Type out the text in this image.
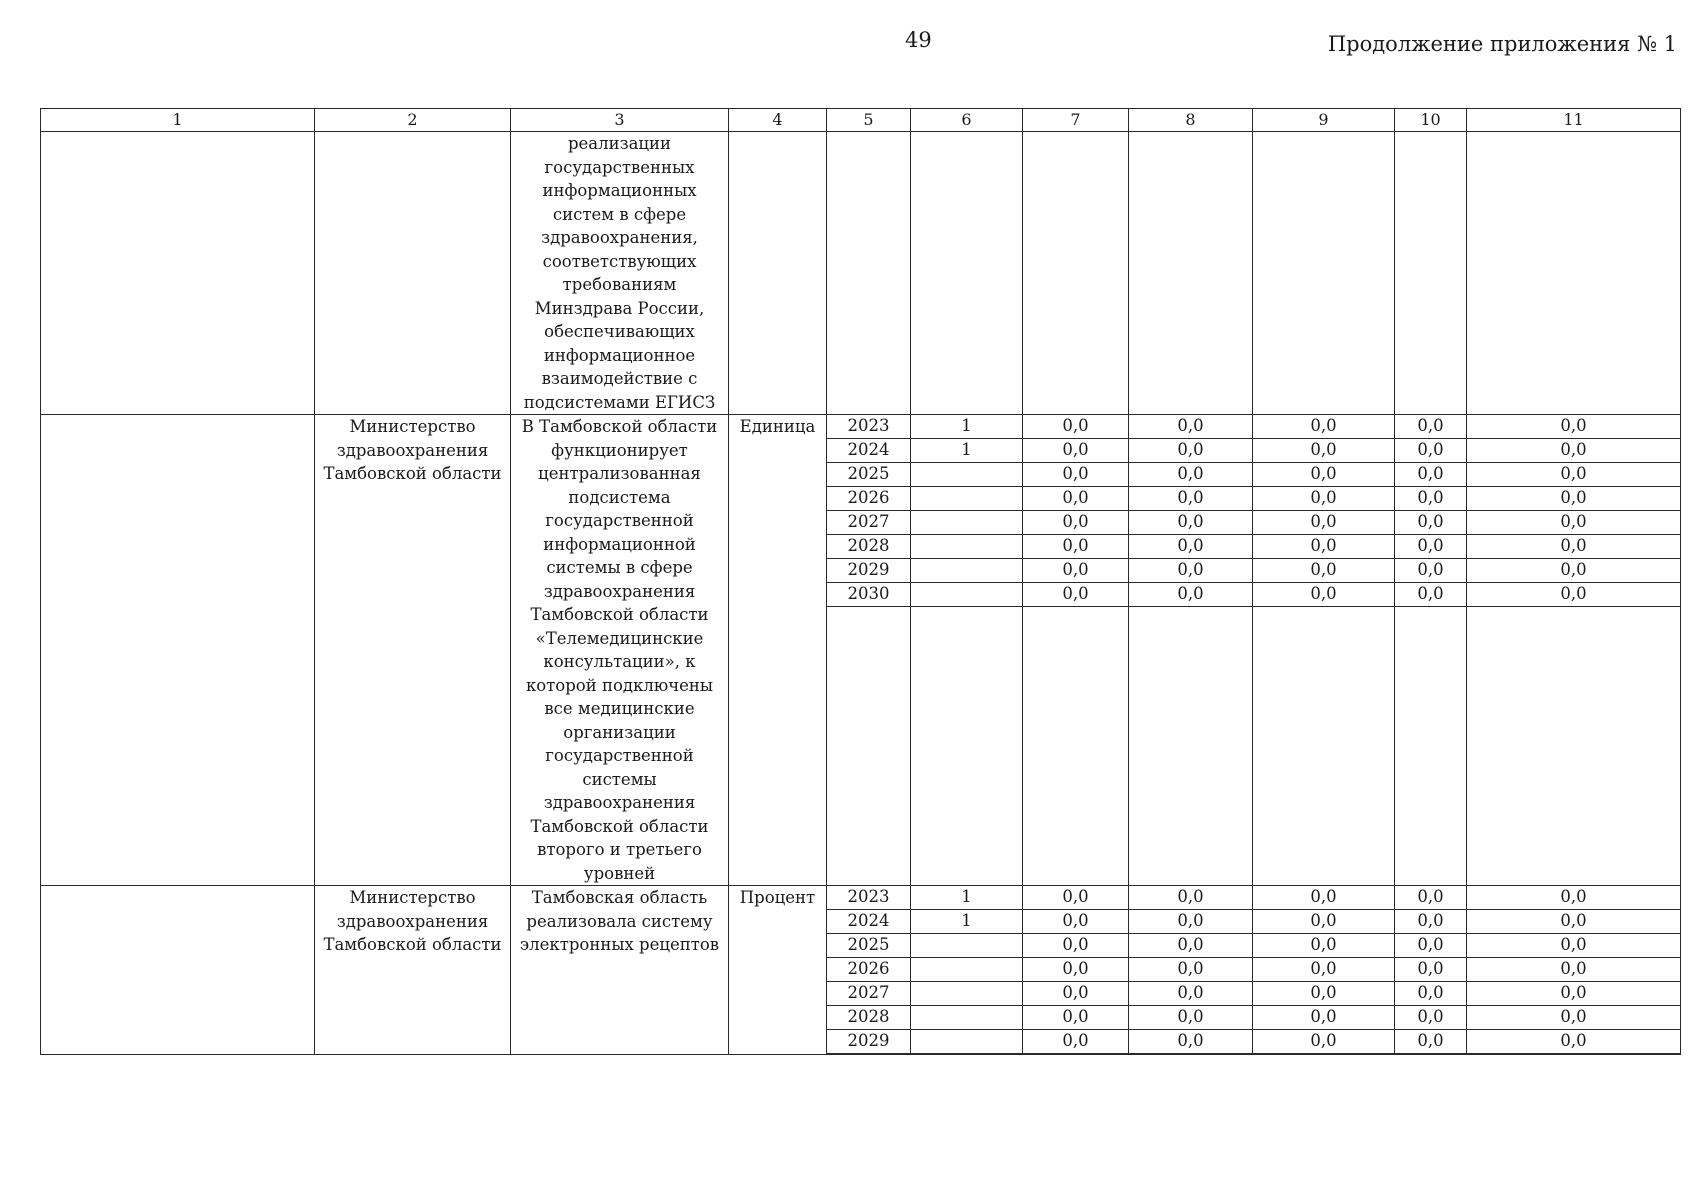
49	Продолжение приложения № 1
1	2	3	4	5	6	7	8	9	10	11
		реализации государственных информационных систем в сфере здравоохранения, соответствующих требованиям Минздрава России, обеспечивающих информационное взаимодействие с подсистемами ЕГИСЗ								
	Министерство здравоохранения Тамбовской области	В Тамбовской области функционирует централизованная подсистема государственной информационной системы в сфере здравоохранения Тамбовской области «Телемедицинские консультации», к которой подключены все медицинские организации государственной системы здравоохранения Тамбовской области второго и третьего уровней	Единица	2023	1	0,0	0,0	0,0	0,0	0,0
				2024	1	0,0	0,0	0,0	0,0	0,0
				2025		0,0	0,0	0,0	0,0	0,0
				2026		0,0	0,0	0,0	0,0	0,0
				2027		0,0	0,0	0,0	0,0	0,0
				2028		0,0	0,0	0,0	0,0	0,0
				2029		0,0	0,0	0,0	0,0	0,0
				2030		0,0	0,0	0,0	0,0	0,0

	Министерство здравоохранения Тамбовской области	Тамбовская область реализовала систему электронных рецептов	Процент	2023	1	0,0	0,0	0,0	0,0	0,0
				2024	1	0,0	0,0	0,0	0,0	0,0
				2025		0,0	0,0	0,0	0,0	0,0
				2026		0,0	0,0	0,0	0,0	0,0
				2027		0,0	0,0	0,0	0,0	0,0
				2028		0,0	0,0	0,0	0,0	0,0
				2029		0,0	0,0	0,0	0,0	0,0
